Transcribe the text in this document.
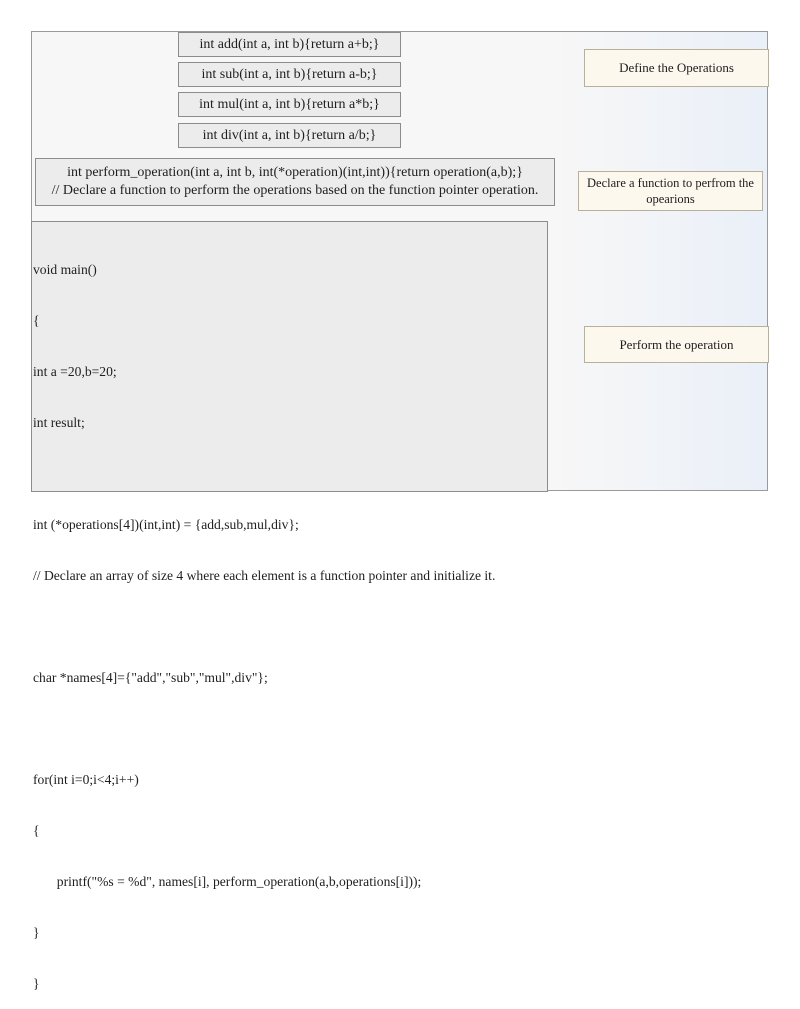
int add(int a, int b){return a+b;}
int sub(int a, int b){return a-b;}
int mul(int a, int b){return a*b;}
int div(int a, int b){return a/b;}
int perform_operation(int a, int b, int(*operation)(int,int)){return operation(a,b);}
// Declare a function to perform the operations based on the function pointer operation.

void main()

{

int a =20,b=20;

int result;

int (*operations[4])(int,int) = {add,sub,mul,div};

// Declare an array of size 4 where each element is a function pointer and initialize it.

char *names[4]={"add","sub","mul",div"};

for(int i=0;i<4;i++)

{

printf("%s = %d", names[i], perform_operation(a,b,operations[i]));

}

}

Define the Operations
Declare a function to perfrom the opearions
Perform the operation
